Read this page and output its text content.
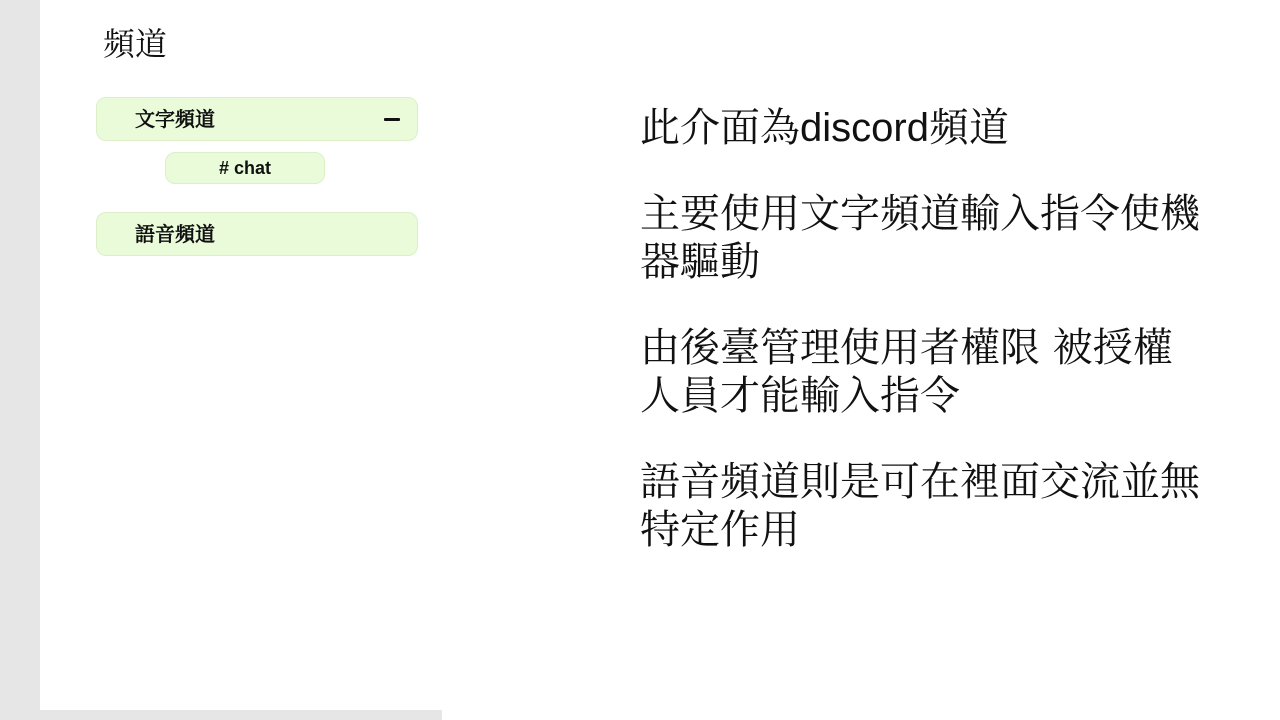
頻道
文字頻道
# chat
語音頻道

此介面為discord頻道

主要使用文字頻道輸入指令使機器驅動

由後臺管理使用者權限 被授權人員才能輸入指令

語音頻道則是可在裡面交流並無特定作用
